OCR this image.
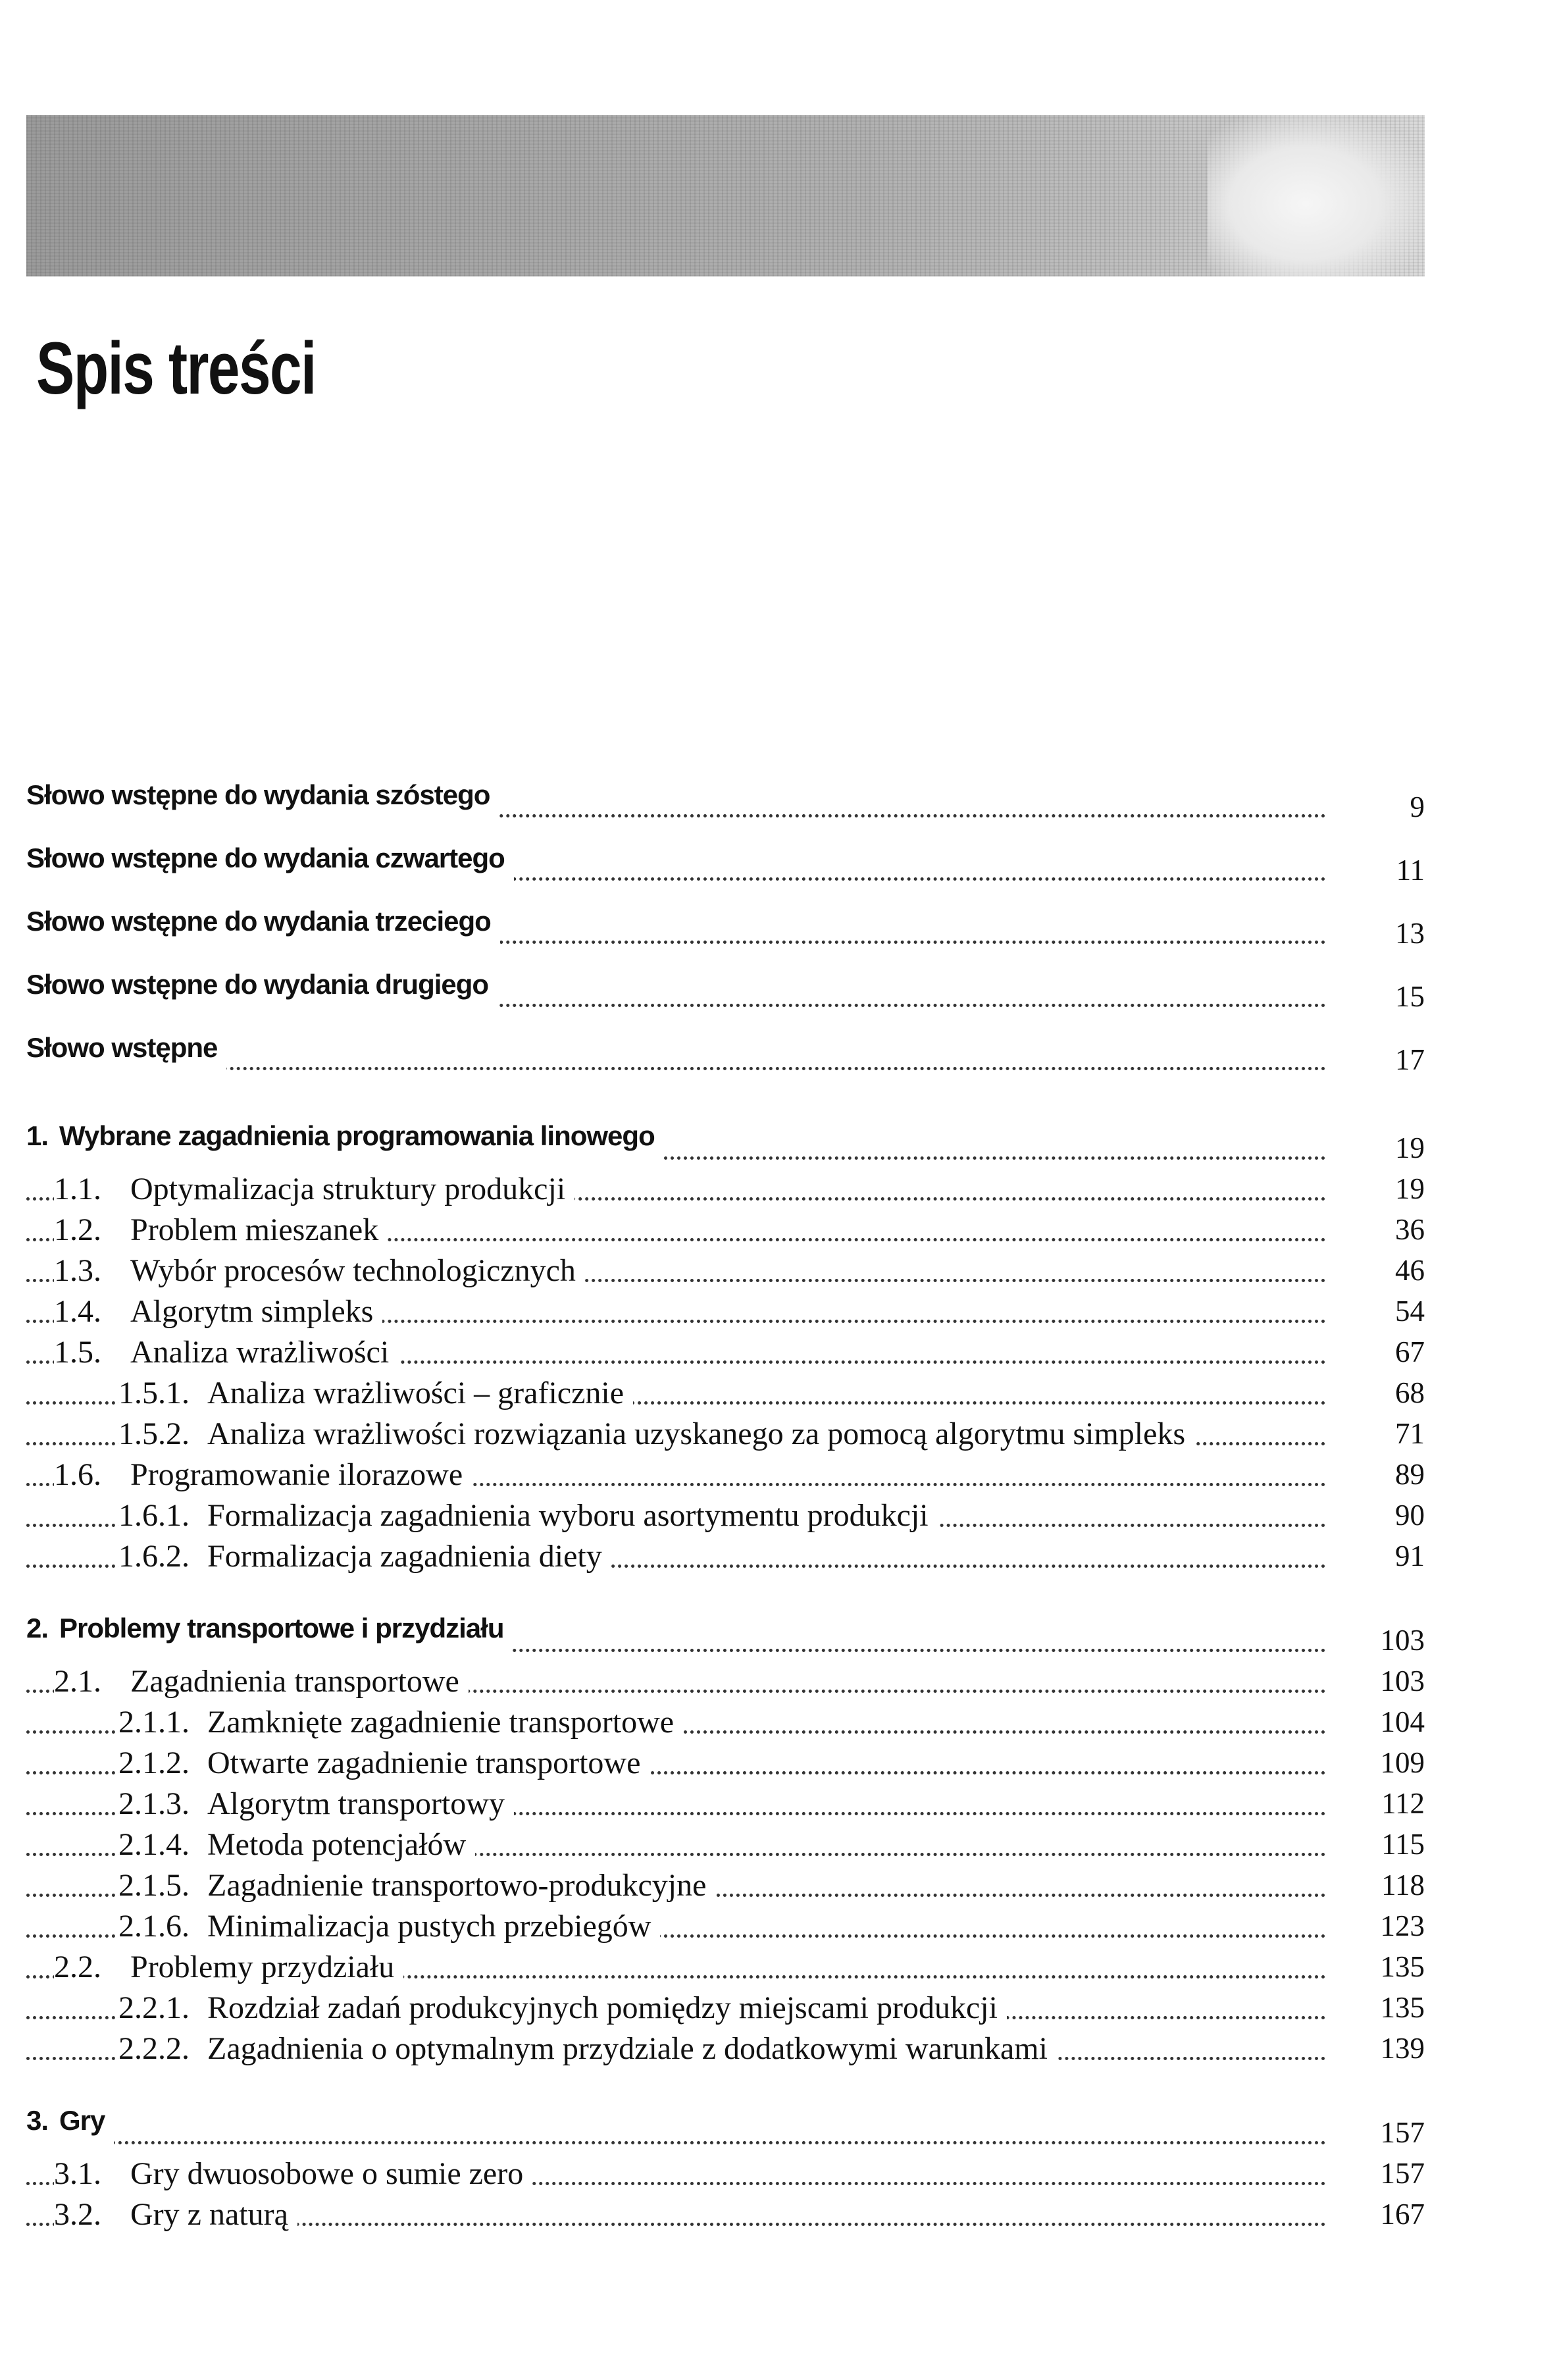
Spis treści
Słowo wstępne do wydania szóstego	9
Słowo wstępne do wydania czwartego	11
Słowo wstępne do wydania trzeciego	13
Słowo wstępne do wydania drugiego	15
Słowo wstępne	17
1. Wybrane zagadnienia programowania linowego	19
1.1. Optymalizacja struktury produkcji	19
1.2. Problem mieszanek	36
1.3. Wybór procesów technologicznych	46
1.4. Algorytm simpleks	54
1.5. Analiza wrażliwości	67
1.5.1. Analiza wrażliwości – graficznie	68
1.5.2. Analiza wrażliwości rozwiązania uzyskanego za pomocą algorytmu simpleks	71
1.6. Programowanie ilorazowe	89
1.6.1. Formalizacja zagadnienia wyboru asortymentu produkcji	90
1.6.2. Formalizacja zagadnienia diety	91
2. Problemy transportowe i przydziału	103
2.1. Zagadnienia transportowe	103
2.1.1. Zamknięte zagadnienie transportowe	104
2.1.2. Otwarte zagadnienie transportowe	109
2.1.3. Algorytm transportowy	112
2.1.4. Metoda potencjałów	115
2.1.5. Zagadnienie transportowo-produkcyjne	118
2.1.6. Minimalizacja pustych przebiegów	123
2.2. Problemy przydziału	135
2.2.1. Rozdział zadań produkcyjnych pomiędzy miejscami produkcji	135
2.2.2. Zagadnienia o optymalnym przydziale z dodatkowymi warunkami	139
3. Gry	157
3.1. Gry dwuosobowe o sumie zero	157
3.2. Gry z naturą	167
